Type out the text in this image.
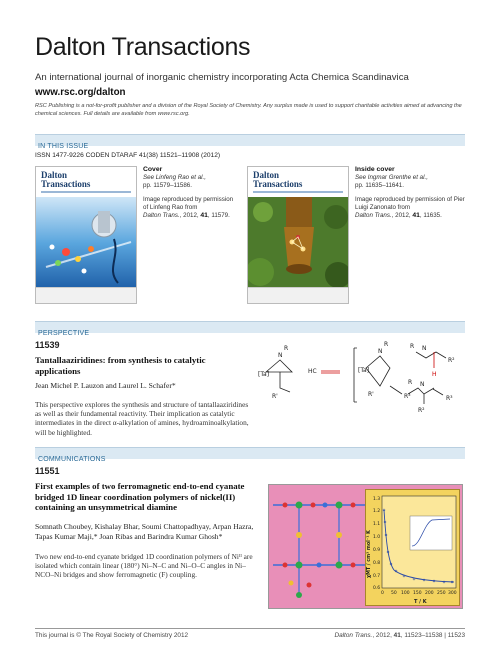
Dalton Transactions
An international journal of inorganic chemistry incorporating Acta Chemica Scandinavica
www.rsc.org/dalton
RSC Publishing is a not-for-profit publisher and a division of the Royal Society of Chemistry. Any surplus made is used to support charitable activities aimed at advancing the chemical sciences. Full details are available from www.rsc.org.
IN THIS ISSUE
ISSN 1477-9226 CODEN DTARAF 41(38) 11521–11908 (2012)
Dalton
Transactions
Cover
See Linfeng Rao et al.,
pp. 11579–11586.
Image reproduced by permission of Linfeng Rao from
Dalton Trans., 2012, 41, 11579.
Dalton
Transactions
Inside cover
See Ingmar Grenthe et al.,
pp. 11635–11641.
Image reproduced by permission of Pier Luigi Zanonato from
Dalton Trans., 2012, 41, 11635.
PERSPECTIVE
11539
Tantallaaziridines: from synthesis to catalytic applications
Jean Michel P. Lauzon and Laurel L. Schafer*
This perspective explores the synthesis and structure of tantallaaziridines as well as their fundamental reactivity. Their implication as catalytic intermediates in the direct α-alkylation of amines, hydroaminoalkylation, will be highlighted.
[Ta]
N
R
R'
HC	[Ta]
N
R
R'	R³
N
R
H
R²
N
R
R²
R³
COMMUNICATIONS
11551
First examples of two ferromagnetic end-to-end cyanate bridged 1D linear coordination polymers of nickel(II) containing an unsymmetrical diamine
Somnath Choubey, Kishalay Bhar, Soumi Chattopadhyay, Arpan Hazra, Tapas Kumar Maji,* Joan Ribas and Barindra Kumar Ghosh*
Two new end-to-end cyanate bridged 1D coordination polymers of Niᴵᴵ are isolated which contain linear (180°) Ni–N–C and Ni–O–C angles in Ni–NCO–Ni bridges and show ferromagnetic (F) coupling.
1.3
1.2
1.1
1.0
0.9
0.8
0.7
0.6
0 50 100 150 200 250 300
T / K
χMT / cm³ mol⁻¹ K
This journal is © The Royal Society of Chemistry 2012	Dalton Trans., 2012, 41, 11523–11538 | 11523
